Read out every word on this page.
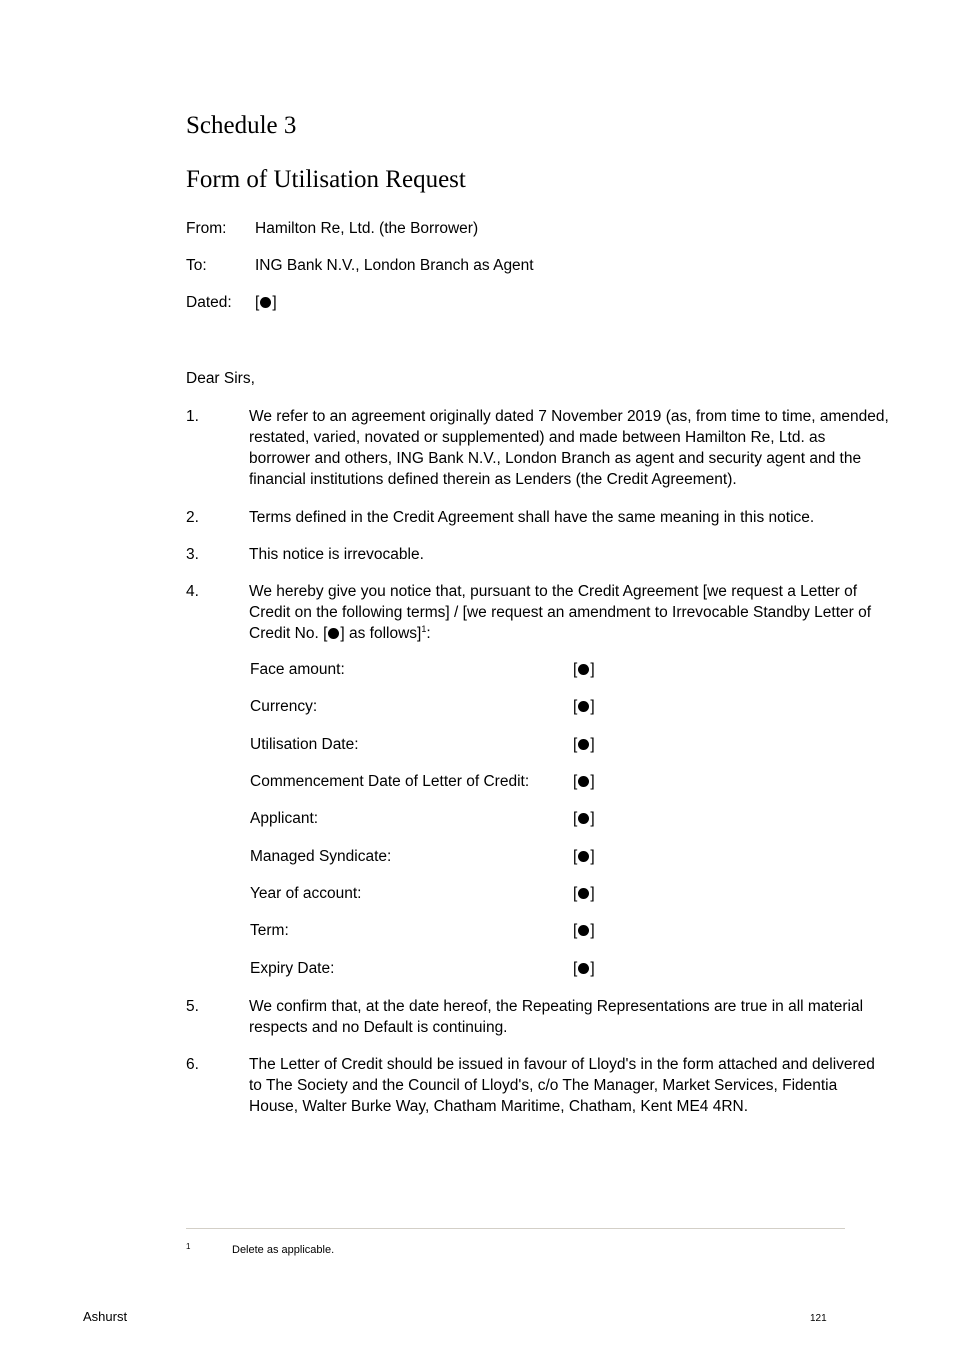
Schedule 3
Form of Utilisation Request
From: Hamilton Re, Ltd. (the Borrower)
To:	ING Bank N.V., London Branch as Agent
Dated: [ ]
Dear Sirs,
1.	We refer to an agreement originally dated 7 November 2019 (as, from time to time, amended, restated, varied, novated or supplemented) and made between Hamilton Re, Ltd. as borrower and others, ING Bank N.V., London Branch as agent and security agent and the financial institutions defined therein as Lenders (the Credit Agreement).
2.	Terms defined in the Credit Agreement shall have the same meaning in this notice.
3.	This notice is irrevocable.
4.	We hereby give you notice that, pursuant to the Credit Agreement [we request a Letter of Credit on the following terms] / [we request an amendment to Irrevocable Standby Letter of Credit No. [ ] as follows]$^1$:
Face amount:	[ ]
Currency:	[ ]
Utilisation Date:	[ ]
Commencement Date of Letter of Credit:	[ ]
Applicant:	[ ]
Managed Syndicate:	[ ]
Year of account:	[ ]
Term:	[ ]
Expiry Date:	[ ]
5.	We confirm that, at the date hereof, the Repeating Representations are true in all material respects and no Default is continuing.
6.	The Letter of Credit should be issued in favour of Lloyd's in the form attached and delivered to The Society and the Council of Lloyd's, c/o The Manager, Market Services, Fidentia House, Walter Burke Way, Chatham Maritime, Chatham, Kent ME4 4RN.
1	Delete as applicable.
Ashurst	121
